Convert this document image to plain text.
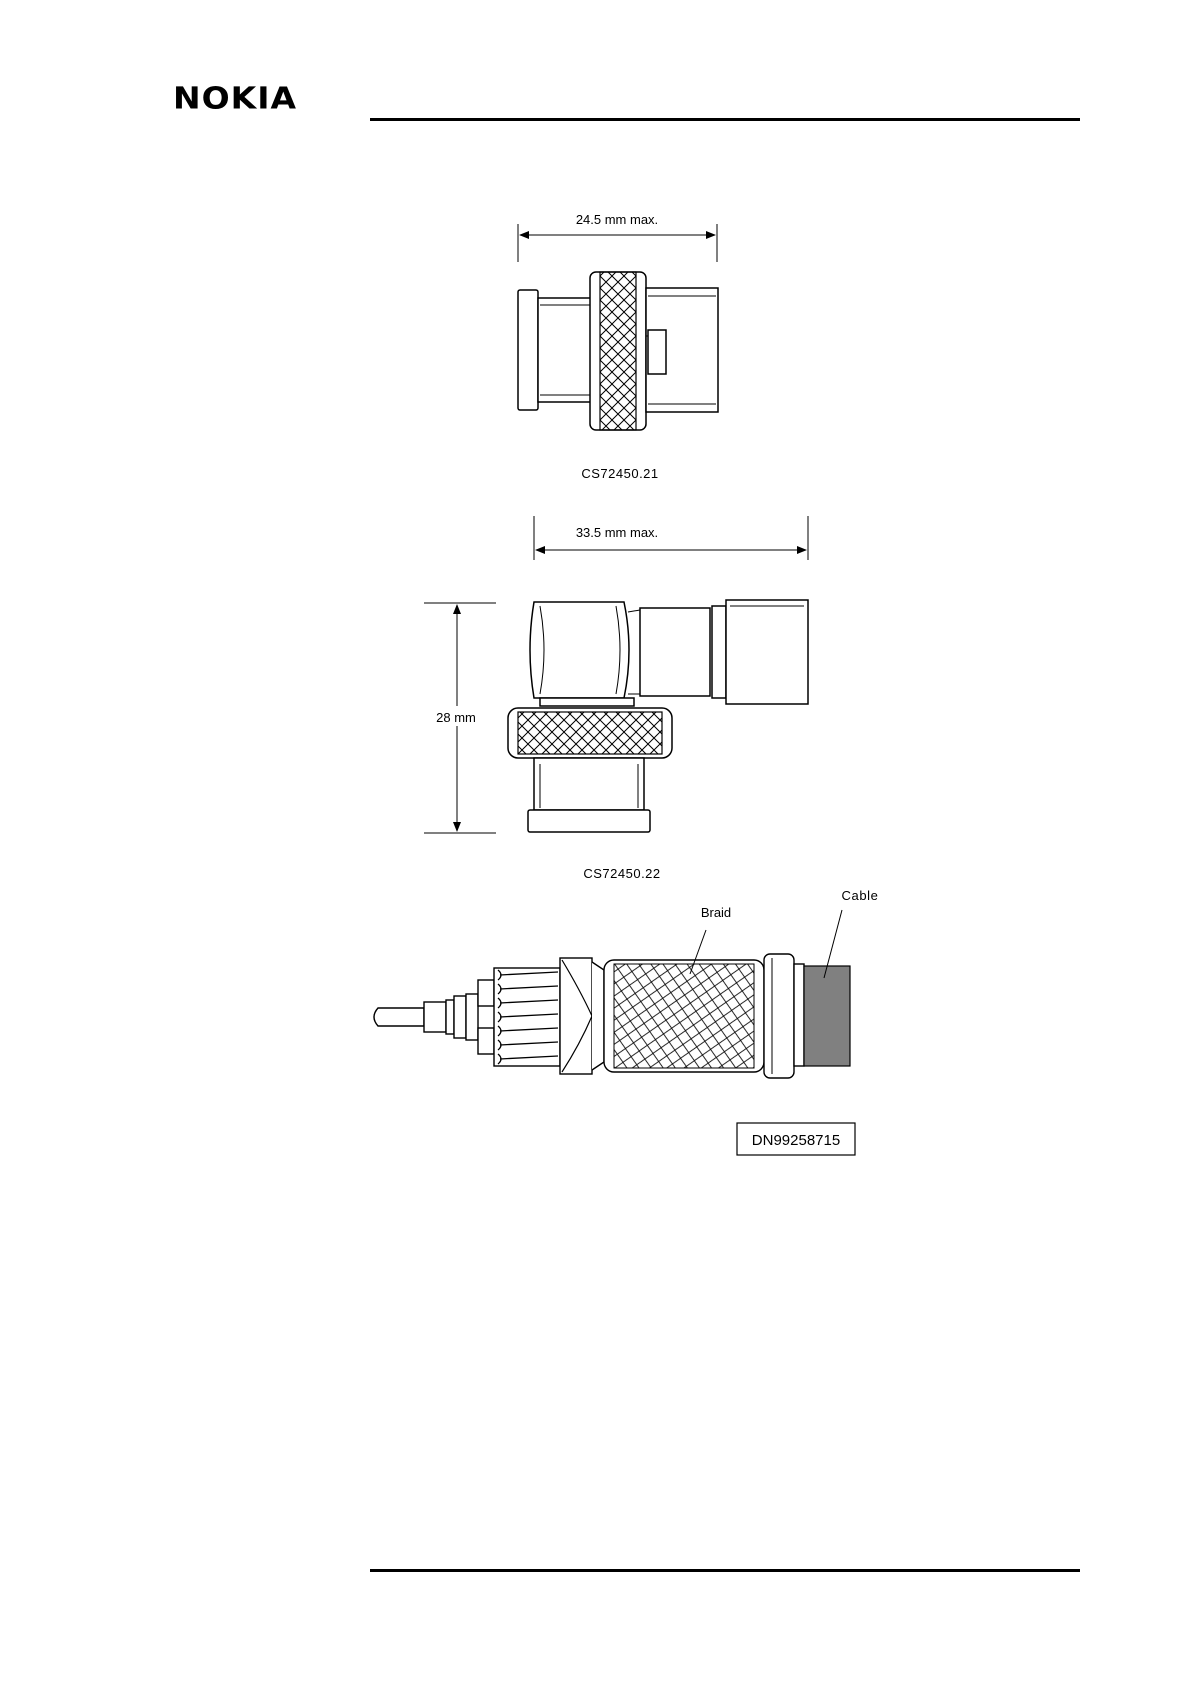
NOKIA
24.5 mm max.
CS72450.21
33.5 mm max.
28 mm
CS72450.22
Braid
Cable
DN99258715
